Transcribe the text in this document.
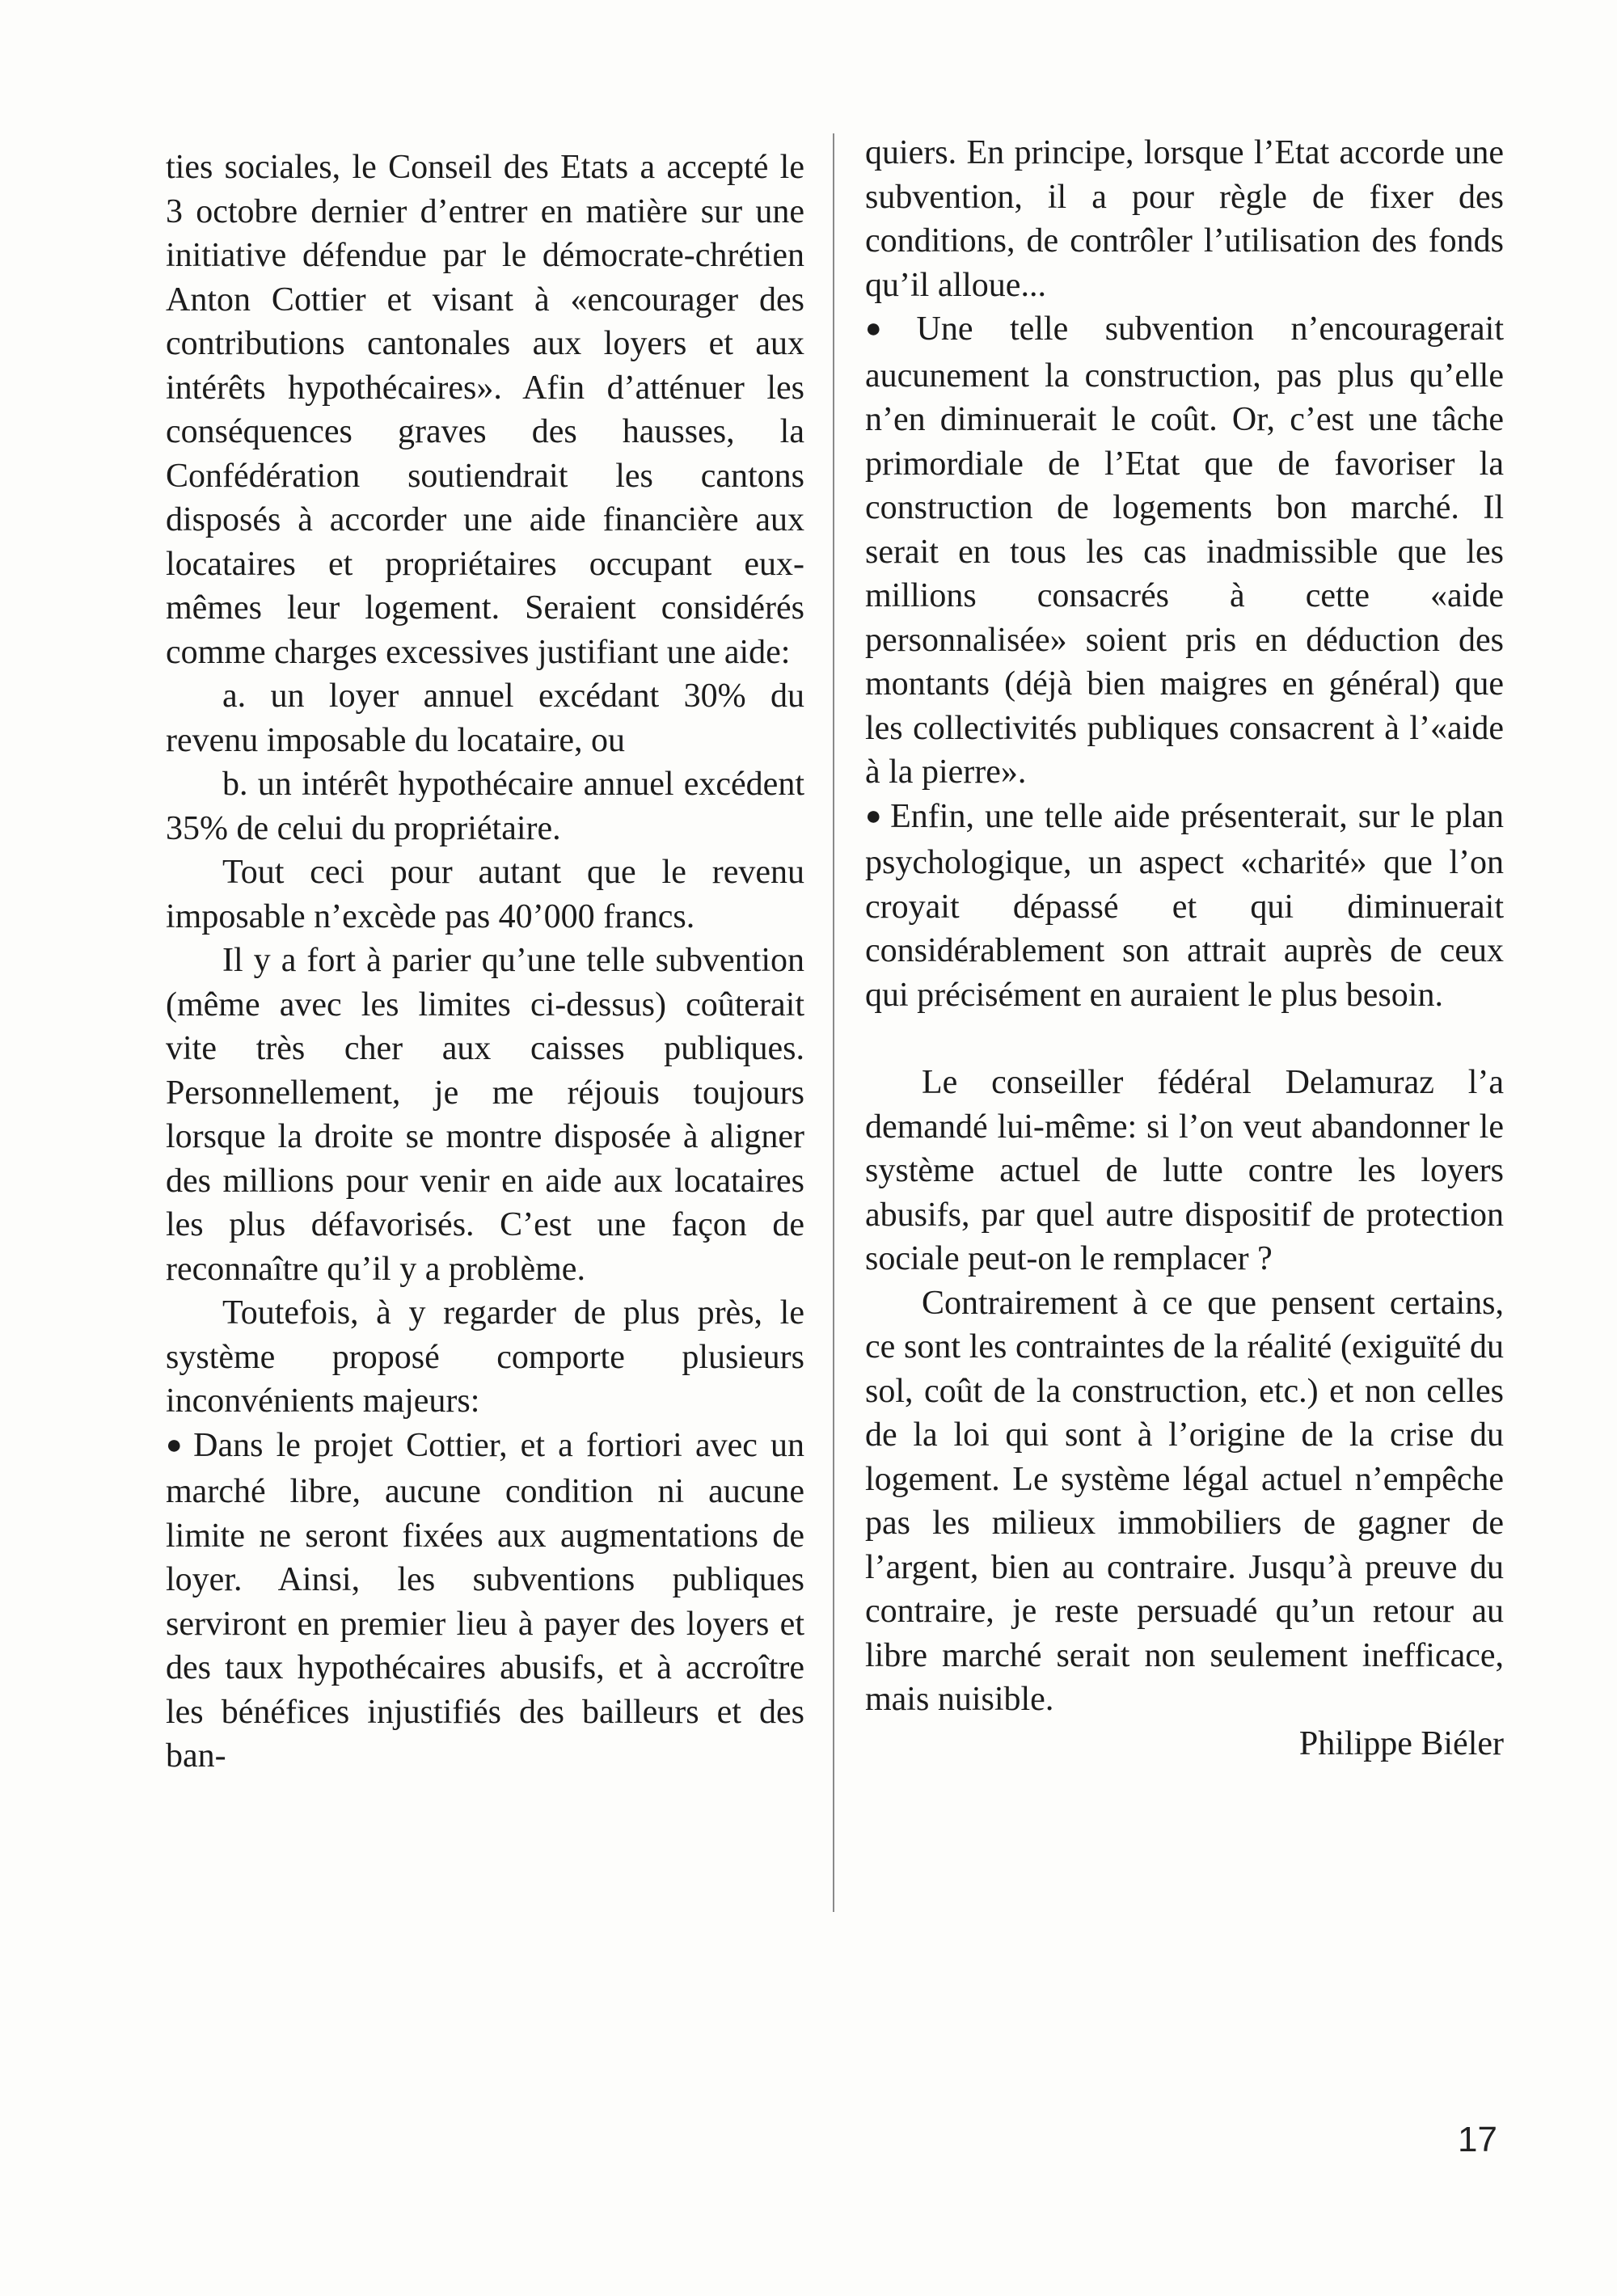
ties sociales, le Conseil des Etats a accepté le 3 octobre dernier d’entrer en matière sur une initiative défendue par le démocrate-chrétien Anton Cottier et visant à «encourager des contributions cantonales aux loyers et aux intérêts hypothécaires». Afin d’atténuer les conséquences graves des hausses, la Confédération soutiendrait les cantons disposés à accorder une aide financière aux locataires et propriétaires occupant eux-mêmes leur logement. Seraient considérés comme charges excessives justifiant une aide:

a. un loyer annuel excédant 30% du revenu imposable du locataire, ou

b. un intérêt hypothécaire annuel excédent 35% de celui du propriétaire.

Tout ceci pour autant que le revenu imposable n’excède pas 40’000 francs.

Il y a fort à parier qu’une telle subvention (même avec les limites ci-dessus) coûterait vite très cher aux caisses publiques. Personnellement, je me réjouis toujours lorsque la droite se montre disposée à aligner des millions pour venir en aide aux locataires les plus défavorisés. C’est une façon de reconnaître qu’il y a problème.

Toutefois, à y regarder de plus près, le système proposé comporte plusieurs inconvénients majeurs:

● Dans le projet Cottier, et a fortiori avec un marché libre, aucune condition ni aucune limite ne seront fixées aux augmentations de loyer. Ainsi, les subventions publiques serviront en premier lieu à payer des loyers et des taux hypothécaires abusifs, et à accroître les bénéfices injustifiés des bailleurs et des ban-

quiers. En principe, lorsque l’Etat accorde une subvention, il a pour règle de fixer des conditions, de contrôler l’utilisation des fonds qu’il alloue...

● Une telle subvention n’encouragerait aucunement la construction, pas plus qu’elle n’en diminuerait le coût. Or, c’est une tâche primordiale de l’Etat que de favoriser la construction de logements bon marché. Il serait en tous les cas inadmissible que les millions consacrés à cette «aide personnalisée» soient pris en déduction des montants (déjà bien maigres en général) que les collectivités publiques consacrent à l’«aide à la pierre».

● Enfin, une telle aide présenterait, sur le plan psychologique, un aspect «charité» que l’on croyait dépassé et qui diminuerait considérablement son attrait auprès de ceux qui précisément en auraient le plus besoin.

Le conseiller fédéral Delamuraz l’a demandé lui-même: si l’on veut abandonner le système actuel de lutte contre les loyers abusifs, par quel autre dispositif de protection sociale peut-on le remplacer ?

Contrairement à ce que pensent certains, ce sont les contraintes de la réalité (exiguïté du sol, coût de la construction, etc.) et non celles de la loi qui sont à l’origine de la crise du logement. Le système légal actuel n’empêche pas les milieux immobiliers de gagner de l’argent, bien au contraire. Jusqu’à preuve du contraire, je reste persuadé qu’un retour au libre marché serait non seulement inefficace, mais nuisible.

Philippe Biéler

17
